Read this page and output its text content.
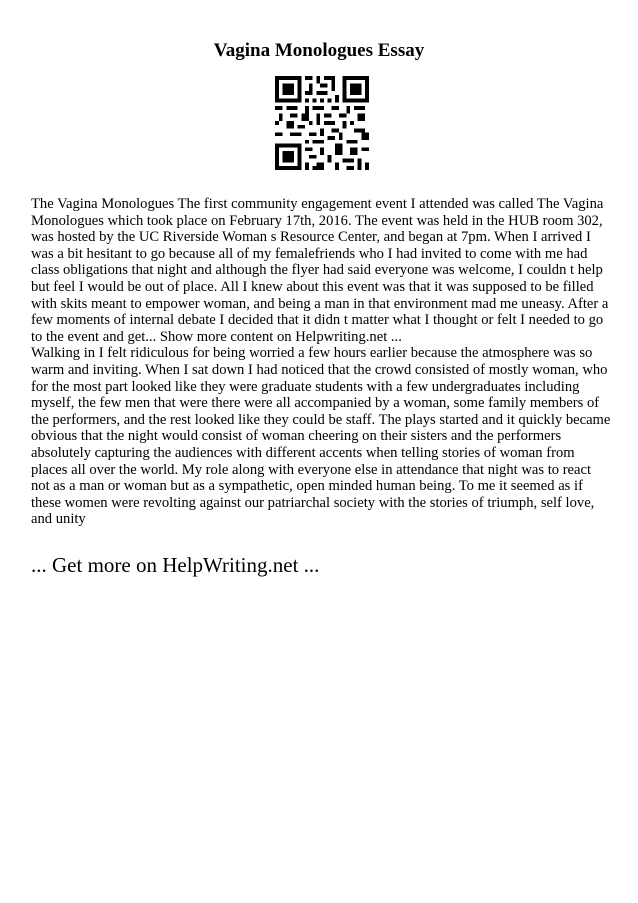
Vagina Monologues Essay

The Vagina Monologues The first community engagement event I attended was called The Vagina Monologues which took place on February 17th, 2016. The event was held in the HUB room 302, was hosted by the UC Riverside Woman s Resource Center, and began at 7pm. When I arrived I was a bit hesitant to go because all of my femalefriends who I had invited to come with me had class obligations that night and although the flyer had said everyone was welcome, I couldn t help but feel I would be out of place. All I knew about this event was that it was supposed to be filled with skits meant to empower woman, and being a man in that environment mad me uneasy. After a few moments of internal debate I decided that it didn t matter what I thought or felt I needed to go to the event and get... Show more content on Helpwriting.net ...

Walking in I felt ridiculous for being worried a few hours earlier because the atmosphere was so warm and inviting. When I sat down I had noticed that the crowd consisted of mostly woman, who for the most part looked like they were graduate students with a few undergraduates including myself, the few men that were there were all accompanied by a woman, some family members of the performers, and the rest looked like they could be staff. The plays started and it quickly became obvious that the night would consist of woman cheering on their sisters and the performers absolutely capturing the audiences with different accents when telling stories of woman from places all over the world. My role along with everyone else in attendance that night was to react not as a man or woman but as a sympathetic, open minded human being. To me it seemed as if these women were revolting against our patriarchal society with the stories of triumph, self love, and unity

... Get more on HelpWriting.net ...
